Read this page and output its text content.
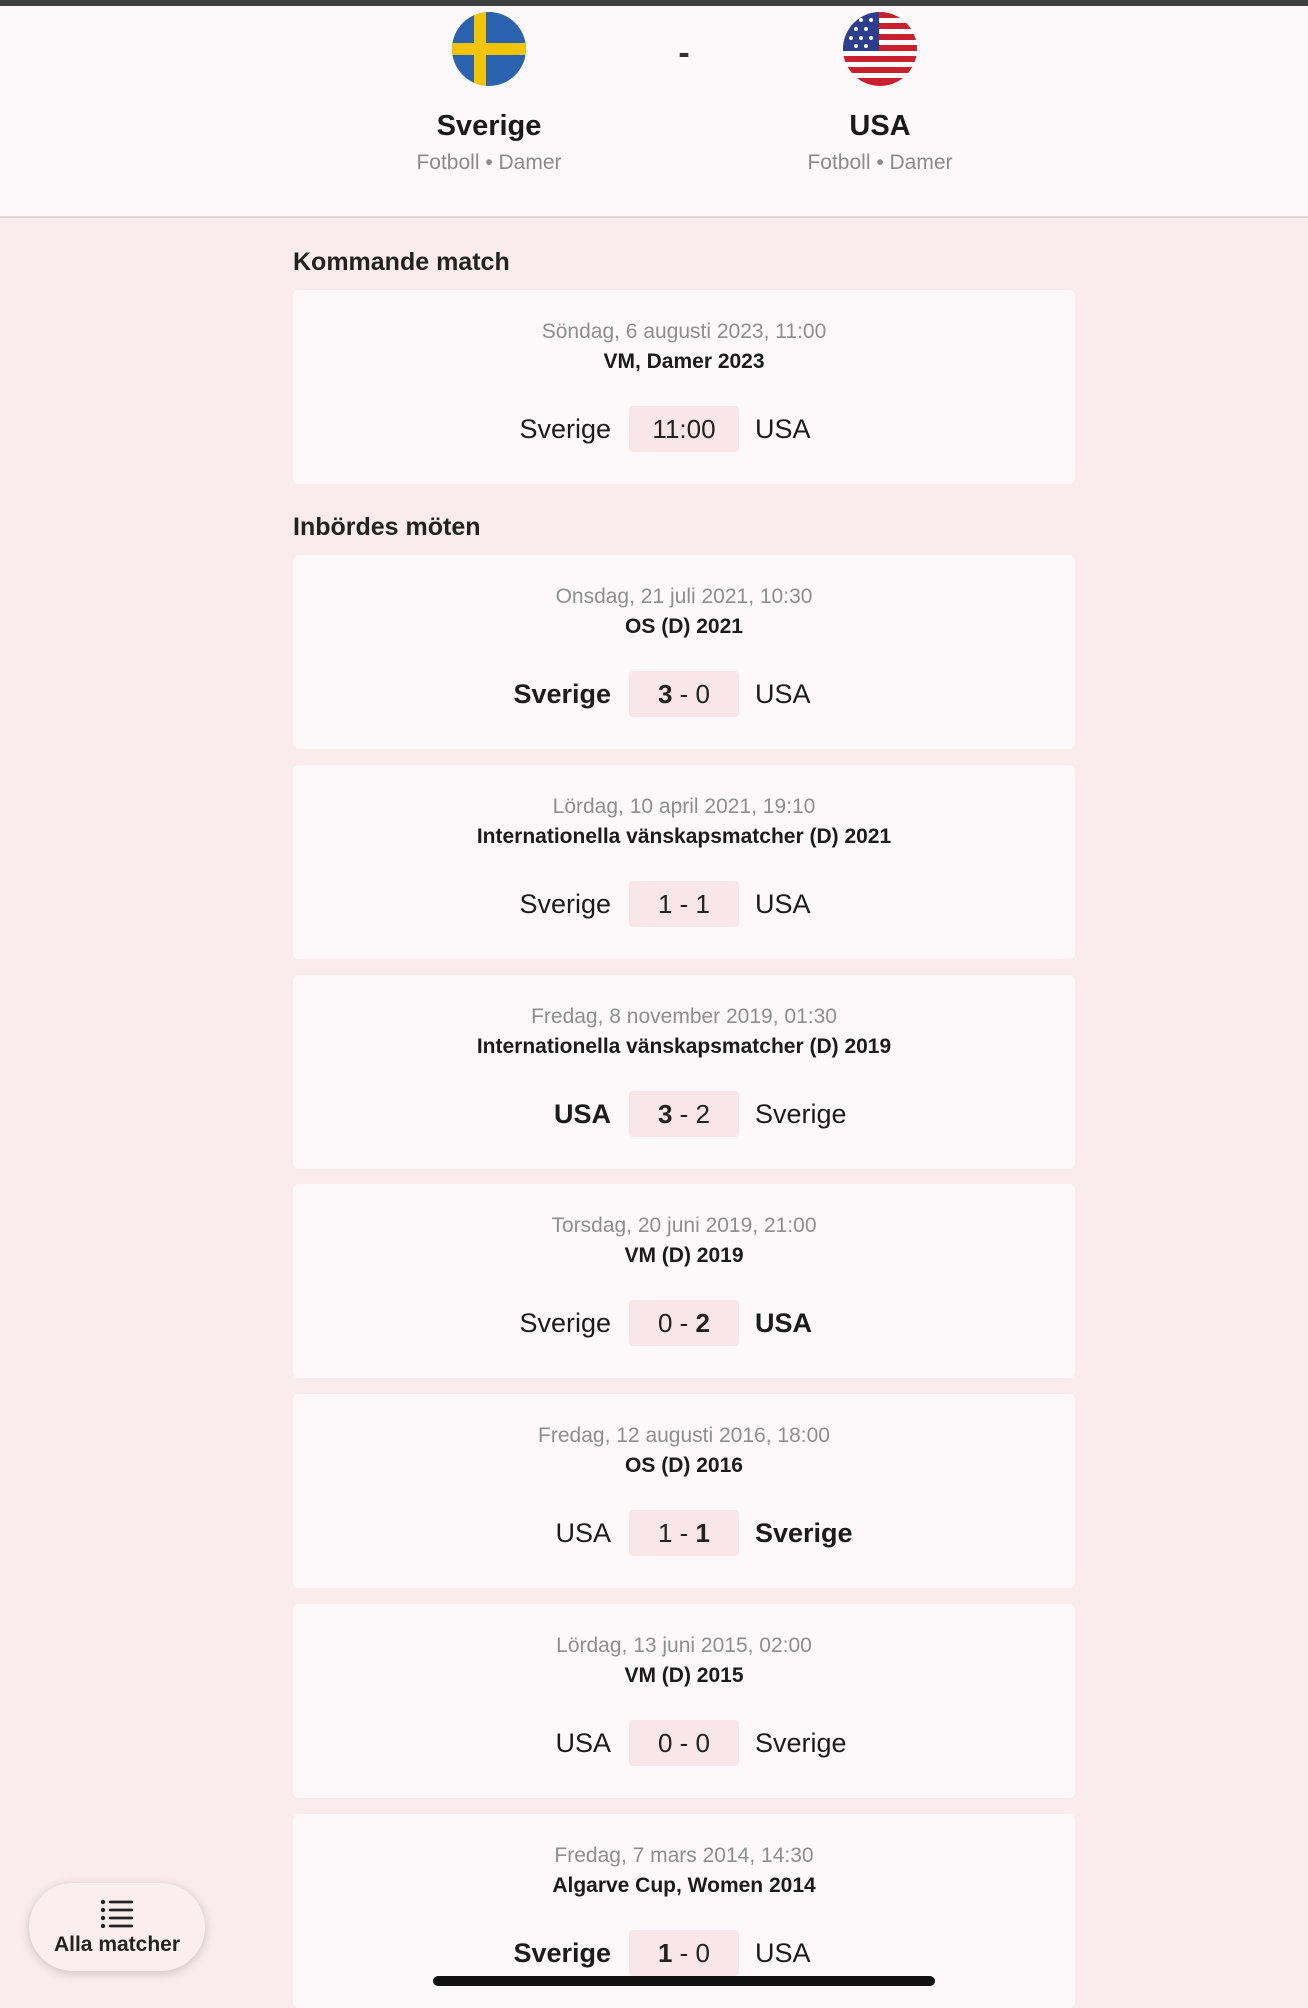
Sverige
Fotboll • Damer
-
USA
Fotboll • Damer
Kommande match
Söndag, 6 augusti 2023, 11:00
VM, Damer 2023
Sverige	11:00	USA
Inbördes möten
Onsdag, 21 juli 2021, 10:30
OS (D) 2021
Sverige	3 - 0	USA
Lördag, 10 april 2021, 19:10
Internationella vänskapsmatcher (D) 2021
Sverige	1 - 1	USA
Fredag, 8 november 2019, 01:30
Internationella vänskapsmatcher (D) 2019
USA	3 - 2	Sverige
Torsdag, 20 juni 2019, 21:00
VM (D) 2019
Sverige	0 - 2	USA
Fredag, 12 augusti 2016, 18:00
OS (D) 2016
USA	1 - 1	Sverige
Lördag, 13 juni 2015, 02:00
VM (D) 2015
USA	0 - 0	Sverige
Fredag, 7 mars 2014, 14:30
Algarve Cup, Women 2014
Sverige	1 - 0	USA
Alla matcher
